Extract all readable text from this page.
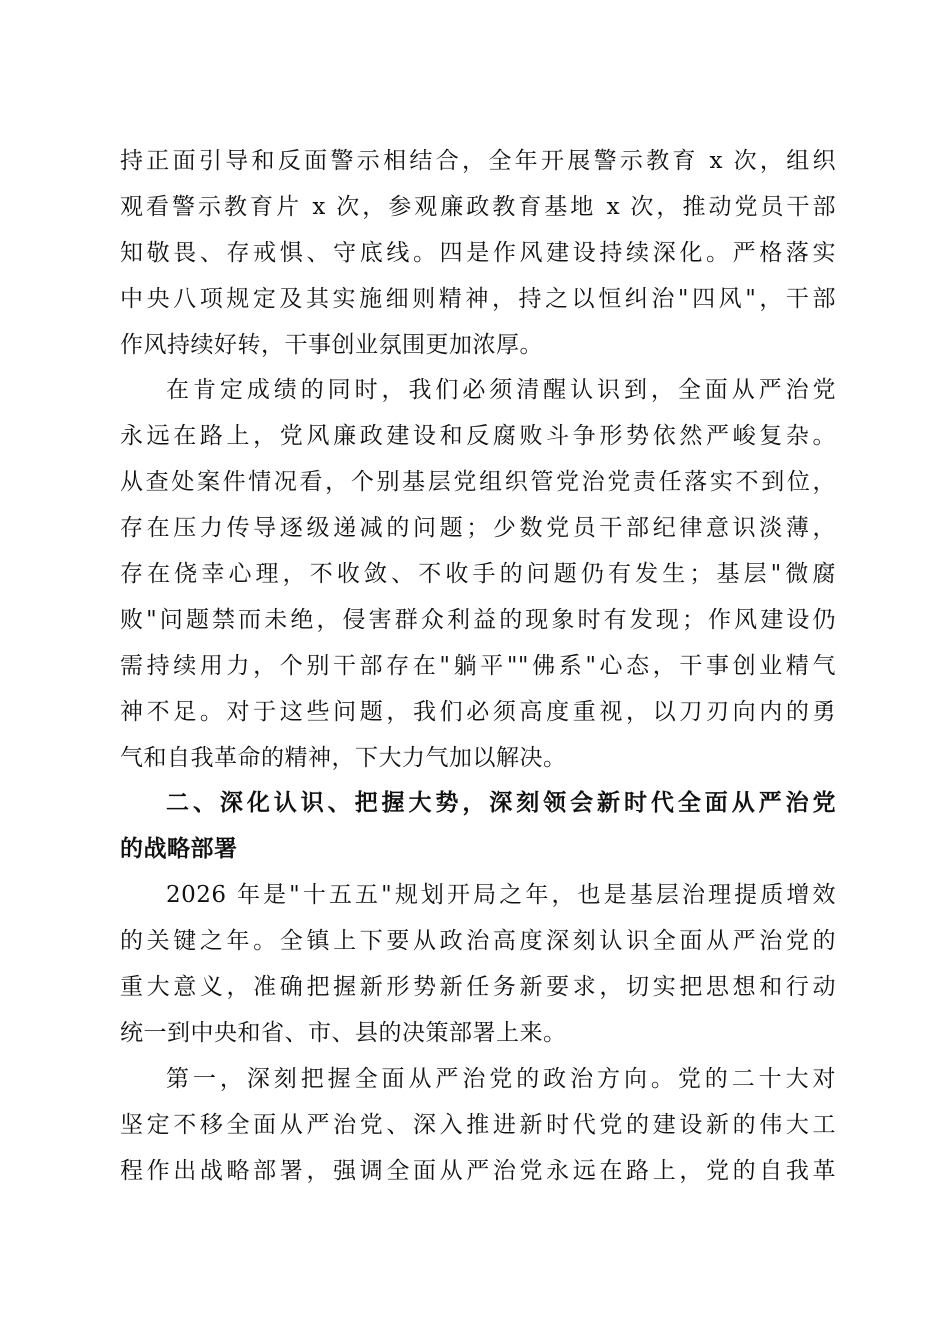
持正面引导和反面警示相结合，全年开展警示教育 x 次，组织
观看警示教育片 x 次，参观廉政教育基地 x 次，推动党员干部
知敬畏、存戒惧、守底线。四是作风建设持续深化。严格落实
中央八项规定及其实施细则精神，持之以恒纠治"四风"，干部
作风持续好转，干事创业氛围更加浓厚。
在肯定成绩的同时，我们必须清醒认识到，全面从严治党
永远在路上，党风廉政建设和反腐败斗争形势依然严峻复杂。
从查处案件情况看，个别基层党组织管党治党责任落实不到位，
存在压力传导逐级递减的问题；少数党员干部纪律意识淡薄，
存在侥幸心理，不收敛、不收手的问题仍有发生；基层"微腐
败"问题禁而未绝，侵害群众利益的现象时有发现；作风建设仍
需持续用力，个别干部存在"躺平""佛系"心态，干事创业精气
神不足。对于这些问题，我们必须高度重视，以刀刃向内的勇
气和自我革命的精神，下大力气加以解决。
二、深化认识、把握大势，深刻领会新时代全面从严治党
的战略部署
2026 年是"十五五"规划开局之年，也是基层治理提质增效
的关键之年。全镇上下要从政治高度深刻认识全面从严治党的
重大意义，准确把握新形势新任务新要求，切实把思想和行动
统一到中央和省、市、县的决策部署上来。
第一，深刻把握全面从严治党的政治方向。党的二十大对
坚定不移全面从严治党、深入推进新时代党的建设新的伟大工
程作出战略部署，强调全面从严治党永远在路上，党的自我革
